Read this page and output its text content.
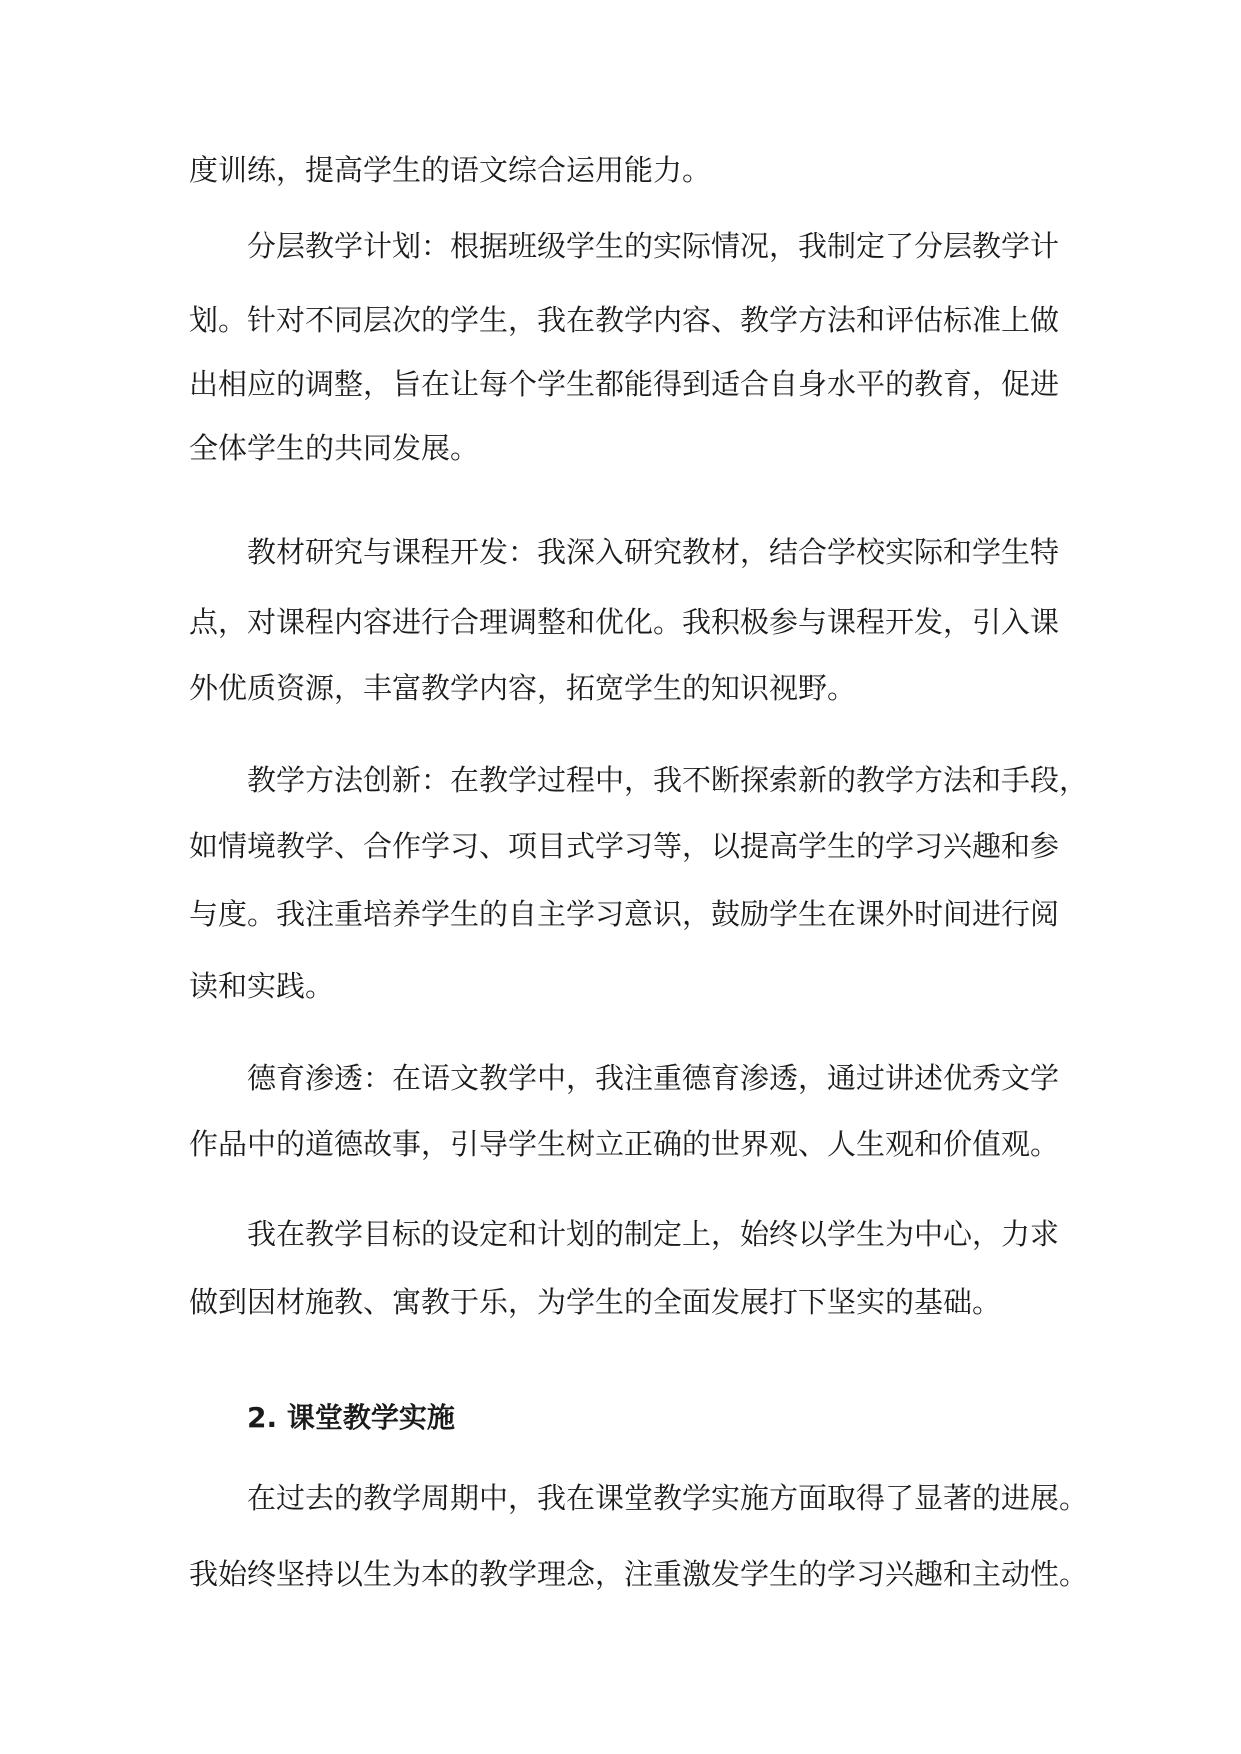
度训练，提高学生的语文综合运用能力。
分层教学计划：根据班级学生的实际情况，我制定了分层教学计
划。针对不同层次的学生，我在教学内容、教学方法和评估标准上做
出相应的调整，旨在让每个学生都能得到适合自身水平的教育，促进
全体学生的共同发展。
教材研究与课程开发：我深入研究教材，结合学校实际和学生特
点，对课程内容进行合理调整和优化。我积极参与课程开发，引入课
外优质资源，丰富教学内容，拓宽学生的知识视野。
教学方法创新：在教学过程中，我不断探索新的教学方法和手段，
如情境教学、合作学习、项目式学习等，以提高学生的学习兴趣和参
与度。我注重培养学生的自主学习意识，鼓励学生在课外时间进行阅
读和实践。
德育渗透：在语文教学中，我注重德育渗透，通过讲述优秀文学
作品中的道德故事，引导学生树立正确的世界观、人生观和价值观。
我在教学目标的设定和计划的制定上，始终以学生为中心，力求
做到因材施教、寓教于乐，为学生的全面发展打下坚实的基础。
2. 课堂教学实施
在过去的教学周期中，我在课堂教学实施方面取得了显著的进展。
我始终坚持以生为本的教学理念，注重激发学生的学习兴趣和主动性。
